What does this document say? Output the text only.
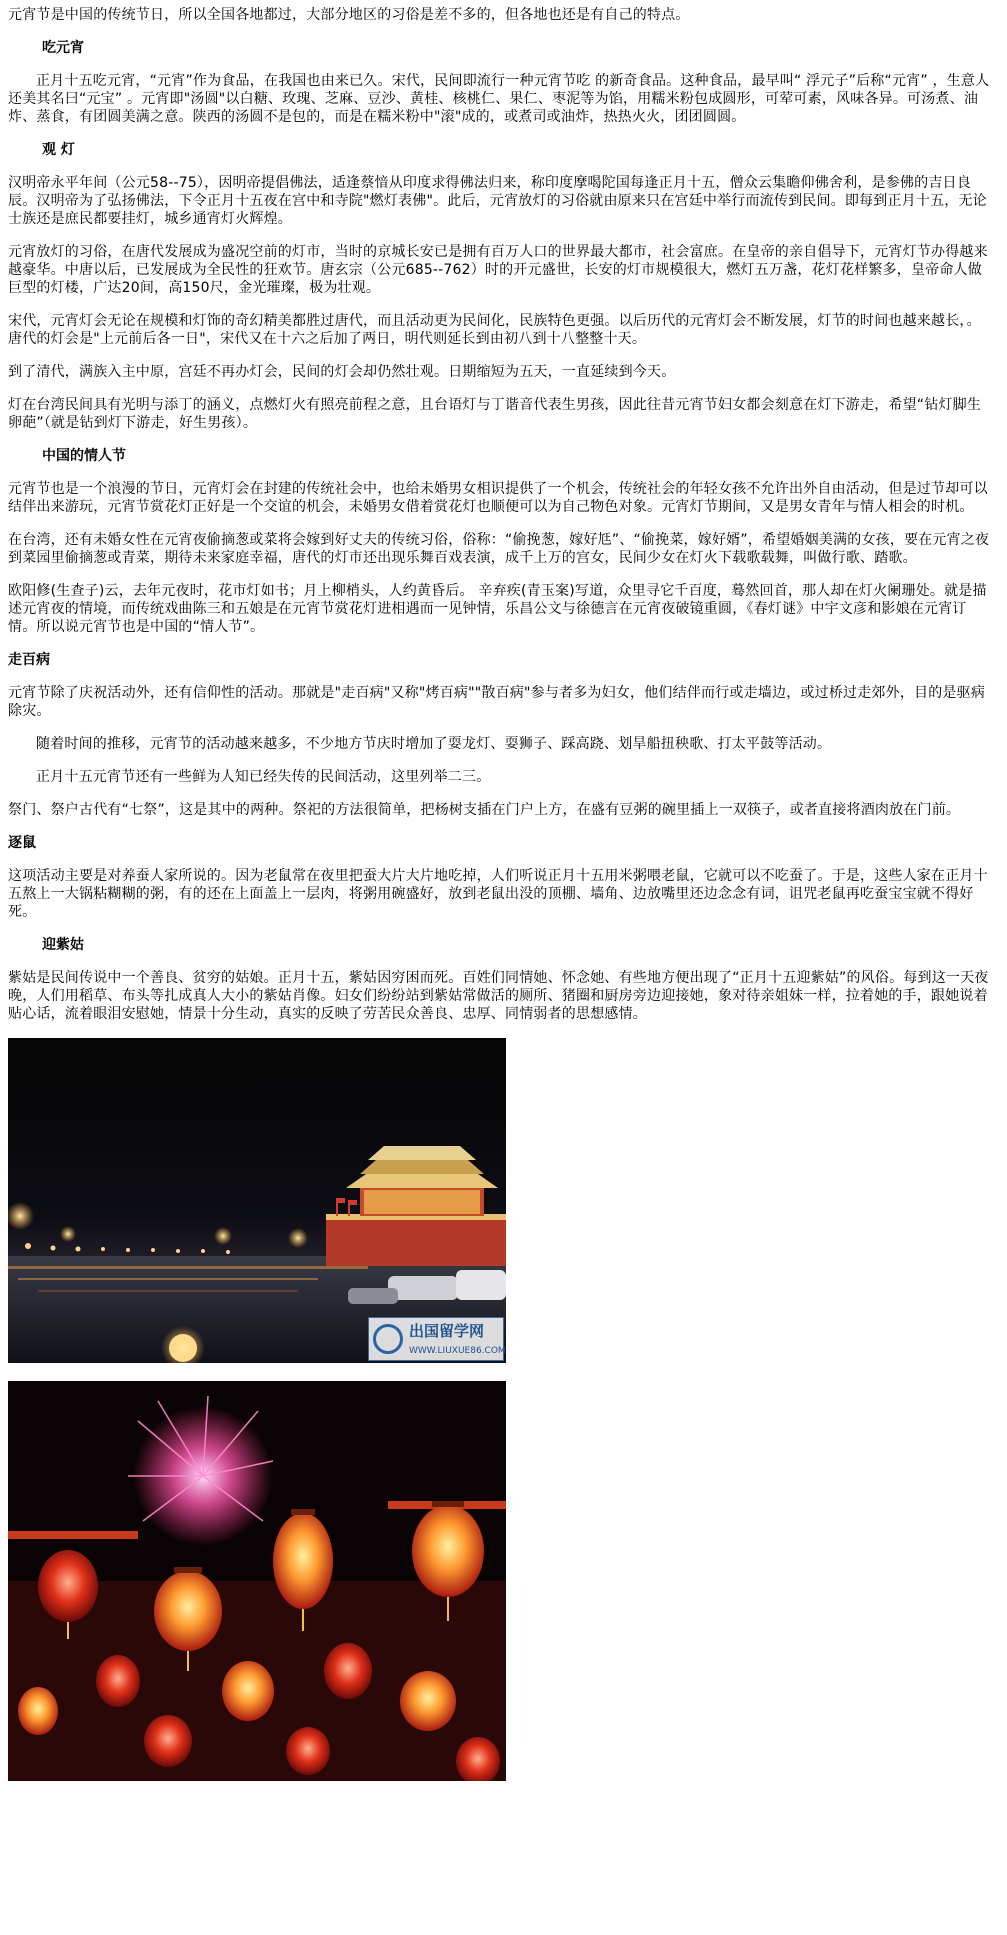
元宵节是中国的传统节日，所以全国各地都过，大部分地区的习俗是差不多的，但各地也还是有自己的特点。

吃元宵

正月十五吃元宵，“元宵”作为食品，在我国也由来已久。宋代，民间即流行一种元宵节吃 的新奇食品。这种食品，最早叫“ 浮元子”后称“元宵” ，生意人还美其名曰“元宝” 。元宵即"汤圆"以白糖、玫瑰、芝麻、豆沙、黄桂、核桃仁、果仁、枣泥等为馅，用糯米粉包成圆形，可荤可素，风味各异。可汤煮、油炸、蒸食，有团圆美满之意。陕西的汤圆不是包的，而是在糯米粉中"滚"成的，或煮司或油炸，热热火火，团团圆圆。

观 灯

汉明帝永平年间（公元58--75），因明帝提倡佛法，适逢蔡愔从印度求得佛法归来，称印度摩喝陀国每逢正月十五，僧众云集瞻仰佛舍利，是参佛的吉日良辰。汉明帝为了弘扬佛法，下令正月十五夜在宫中和寺院"燃灯表佛"。此后，元宵放灯的习俗就由原来只在宫廷中举行而流传到民间。即每到正月十五，无论士族还是庶民都要挂灯，城乡通宵灯火辉煌。

元宵放灯的习俗，在唐代发展成为盛况空前的灯市，当时的京城长安已是拥有百万人口的世界最大都市，社会富庶。在皇帝的亲自倡导下，元宵灯节办得越来越豪华。中唐以后，已发展成为全民性的狂欢节。唐玄宗（公元685--762）时的开元盛世，长安的灯市规模很大，燃灯五万盏，花灯花样繁多，皇帝命人做巨型的灯楼，广达20间，高150尺，金光璀璨，极为壮观。

宋代，元宵灯会无论在规模和灯饰的奇幻精美都胜过唐代，而且活动更为民间化，民族特色更强。以后历代的元宵灯会不断发展，灯节的时间也越来越长，。唐代的灯会是"上元前后各一日"，宋代又在十六之后加了两日，明代则延长到由初八到十八整整十天。

到了清代，满族入主中原，宫廷不再办灯会，民间的灯会却仍然壮观。日期缩短为五天，一直延续到今天。

灯在台湾民间具有光明与添丁的涵义，点燃灯火有照亮前程之意，且台语灯与丁谐音代表生男孩，因此往昔元宵节妇女都会刻意在灯下游走，希望“钻灯脚生卵葩”（就是钻到灯下游走，好生男孩）。

中国的情人节

元宵节也是一个浪漫的节日，元宵灯会在封建的传统社会中，也给未婚男女相识提供了一个机会，传统社会的年轻女孩不允许出外自由活动，但是过节却可以结伴出来游玩，元宵节赏花灯正好是一个交谊的机会，未婚男女借着赏花灯也顺便可以为自己物色对象。元宵灯节期间，又是男女青年与情人相会的时机。

在台湾，还有未婚女性在元宵夜偷摘葱或菜将会嫁到好丈夫的传统习俗，俗称：“偷挽葱，嫁好尪”、“偷挽菜，嫁好婿”，希望婚姻美满的女孩，要在元宵之夜到菜园里偷摘葱或青菜，期待未来家庭幸福，唐代的灯市还出现乐舞百戏表演，成千上万的宫女，民间少女在灯火下载歌载舞，叫做行歌、踏歌。

欧阳修(生查子)云，去年元夜时，花市灯如书；月上柳梢头，人约黄昏后。 辛弃疾(青玉案)写道，众里寻它千百度，蓦然回首，那人却在灯火阑珊处。就是描述元宵夜的情境，而传统戏曲陈三和五娘是在元宵节赏花灯进相遇而一见钟情，乐昌公文与徐德言在元宵夜破镜重圆，《春灯谜》中宇文彦和影娘在元宵订情。所以说元宵节也是中国的“情人节”。

走百病

元宵节除了庆祝活动外，还有信仰性的活动。那就是"走百病"又称"烤百病""散百病"参与者多为妇女，他们结伴而行或走墙边，或过桥过走郊外，目的是驱病除灾。

随着时间的推移，元宵节的活动越来越多，不少地方节庆时增加了耍龙灯、耍狮子、踩高跷、划旱船扭秧歌、打太平鼓等活动。

正月十五元宵节还有一些鲜为人知已经失传的民间活动，这里列举二三。

祭门、祭户古代有“七祭”，这是其中的两种。祭祀的方法很简单，把杨树支插在门户上方，在盛有豆粥的碗里插上一双筷子，或者直接将酒肉放在门前。

逐鼠

这项活动主要是对养蚕人家所说的。因为老鼠常在夜里把蚕大片大片地吃掉，人们听说正月十五用米粥喂老鼠，它就可以不吃蚕了。于是，这些人家在正月十五熬上一大锅粘糊糊的粥，有的还在上面盖上一层肉，将粥用碗盛好，放到老鼠出没的顶棚、墙角、边放嘴里还边念念有词，诅咒老鼠再吃蚕宝宝就不得好死。

迎紫姑

紫姑是民间传说中一个善良、贫穷的姑娘。正月十五，紫姑因穷困而死。百姓们同情她、怀念她、有些地方便出现了“正月十五迎紫姑”的风俗。每到这一天夜晚，人们用稻草、布头等扎成真人大小的紫姑肖像。妇女们纷纷站到紫姑常做活的厕所、猪圈和厨房旁边迎接她，象对待亲姐妹一样，拉着她的手，跟她说着贴心话，流着眼泪安慰她，情景十分生动，真实的反映了劳苦民众善良、忠厚、同情弱者的思想感情。

出国留学网
WWW.LIUXUE86.COM
